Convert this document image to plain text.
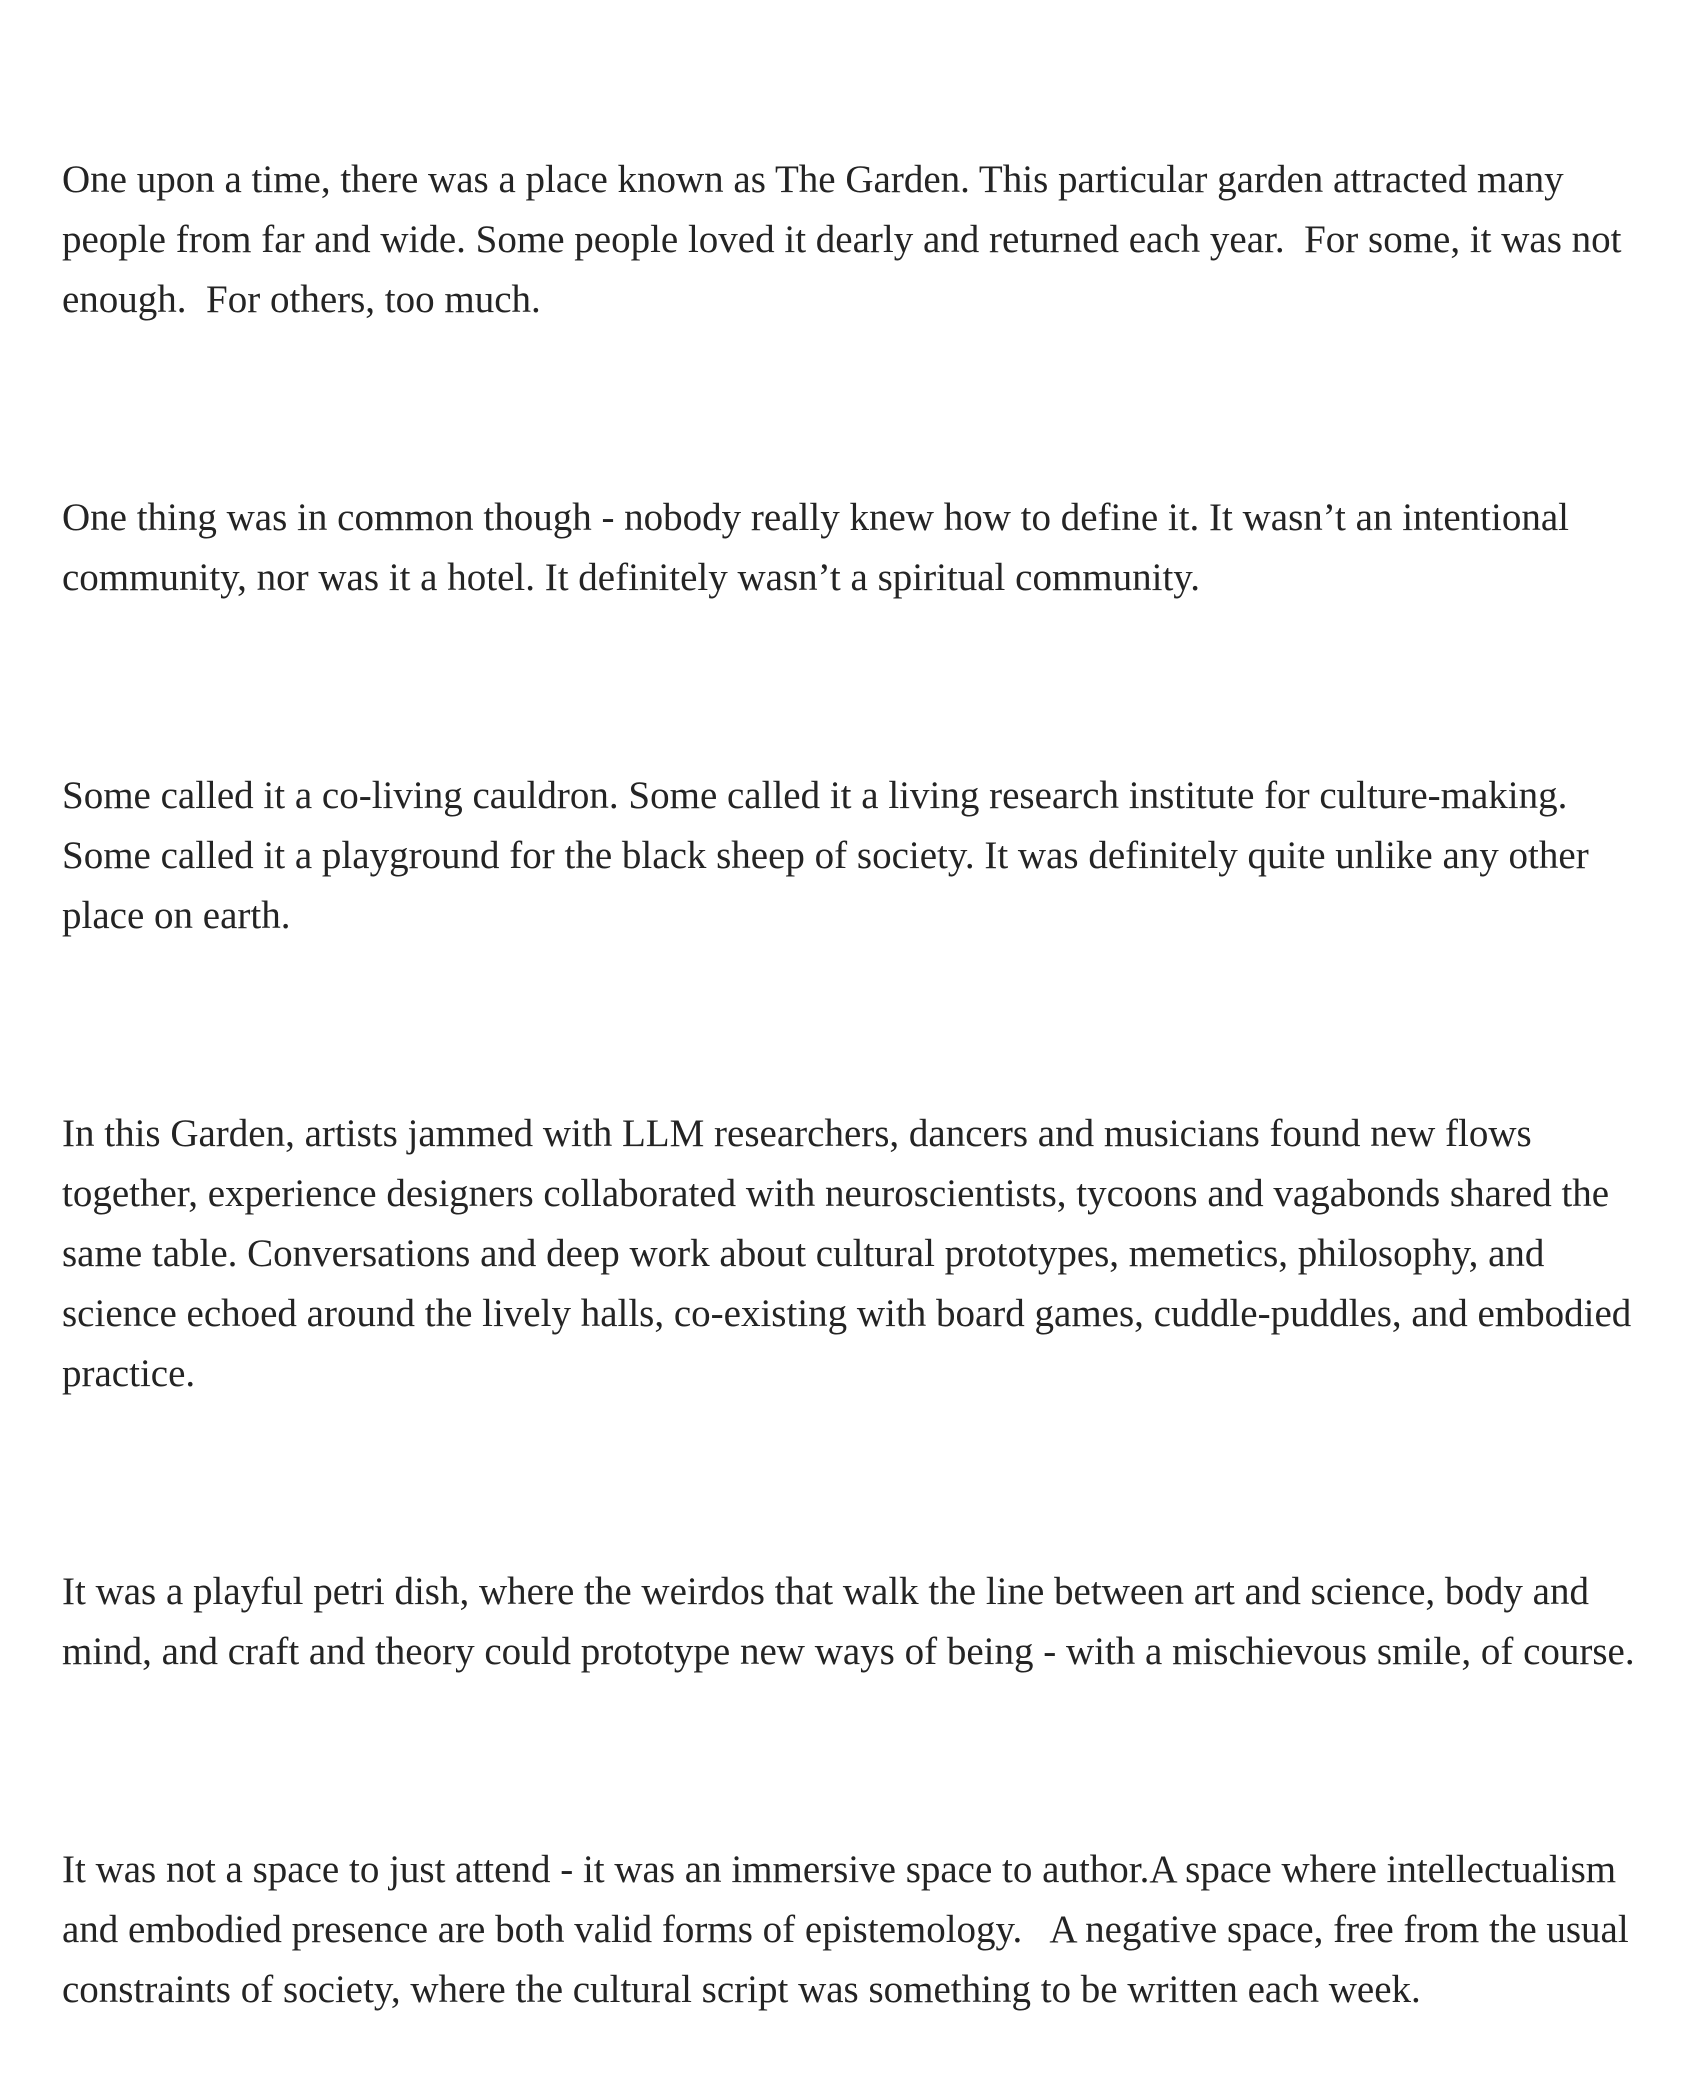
One upon a time, there was a place known as The Garden. This particular garden attracted many people from far and wide. Some people loved it dearly and returned each year.  For some, it was not enough.  For others, too much.

One thing was in common though - nobody really knew how to define it. It wasn’t an intentional community, nor was it a hotel. It definitely wasn’t a spiritual community.

Some called it a co-living cauldron. Some called it a living research institute for culture-making. Some called it a playground for the black sheep of society. It was definitely quite unlike any other place on earth.

In this Garden, artists jammed with LLM researchers, dancers and musicians found new flows together, experience designers collaborated with neuroscientists, tycoons and vagabonds shared the same table. Conversations and deep work about cultural prototypes, memetics, philosophy, and science echoed around the lively halls, co-existing with board games, cuddle-puddles, and embodied practice.

It was a playful petri dish, where the weirdos that walk the line between art and science, body and mind, and craft and theory could prototype new ways of being - with a mischievous smile, of course.

It was not a space to just attend - it was an immersive space to author.A space where intellectualism and embodied presence are both valid forms of epistemology.   A negative space, free from the usual constraints of society, where the cultural script was something to be written each week.
